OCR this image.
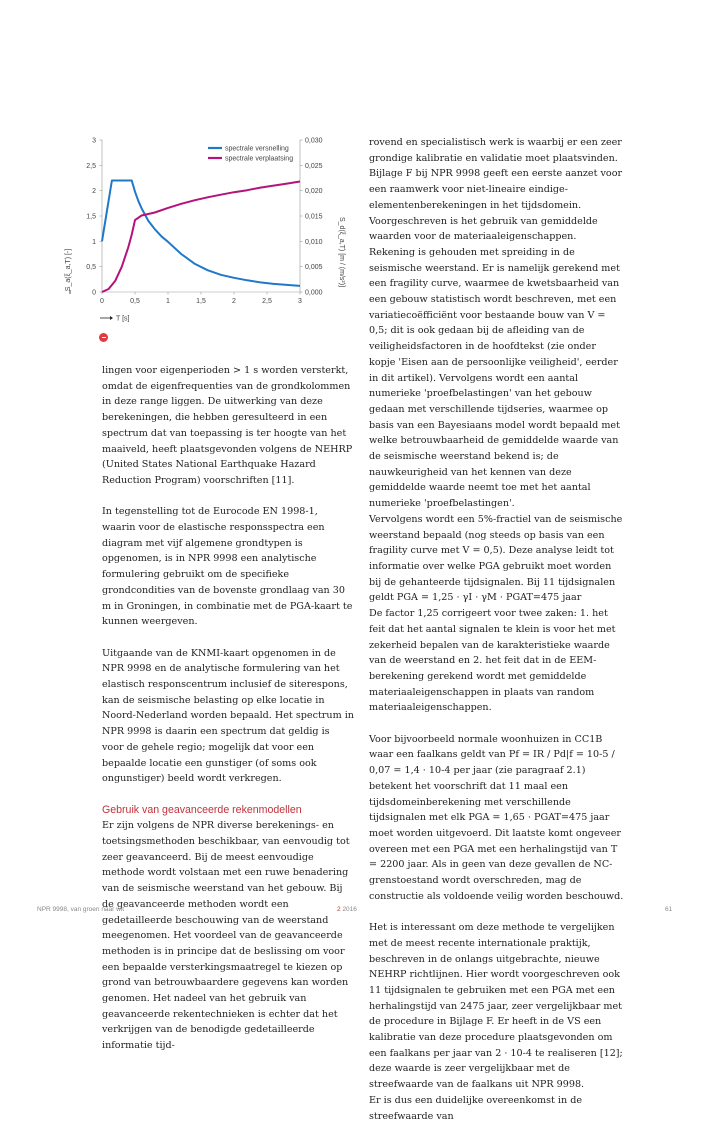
0	0,5	1	1,5	2	2,5	3
0
0,5
1
1,5
2
2,5
3
0,000
0,005
0,010
0,015
0,020
0,025
0,030
spectrale versnelling
spectrale verplaatsing
S_a(ξ_a,T) [-]	S_d(ξ_a,T) [m / (m/s²)]
T [s]

lingen voor eigenperioden > 1 s worden versterkt, omdat de eigenfrequenties van de grondkolommen in deze range liggen. De uitwerking van deze berekeningen, die hebben geresulteerd in een spectrum dat van toepassing is ter hoogte van het maaiveld, heeft plaatsgevonden volgens de NEHRP (United States National Earthquake Hazard Reduction Program) voorschriften [11].

In tegenstelling tot de Eurocode EN 1998-1, waarin voor de elastische responsspectra een diagram met vijf algemene grondtypen is opgenomen, is in NPR 9998 een analytische formulering gebruikt om de specifieke grondcondities van de bovenste grondlaag van 30 m in Groningen, in combinatie met de PGA-kaart te kunnen weergeven.

Uitgaande van de KNMI-kaart opgenomen in de NPR 9998 en de analytische formulering van het elastisch responscentrum inclusief de siterespons, kan de seismische belasting op elke locatie in Noord-Nederland worden bepaald. Het spectrum in NPR 9998 is daarin een spectrum dat geldig is voor de gehele regio; mogelijk dat voor een bepaalde locatie een gunstiger (of soms ook ongunstiger) beeld wordt verkregen.

Gebruik van geavanceerde rekenmodellen

Er zijn volgens de NPR diverse berekenings- en toetsingsmethoden beschikbaar, van eenvoudig tot zeer geavanceerd. Bij de meest eenvoudige methode wordt volstaan met een ruwe benadering van de seismische weerstand van het gebouw. Bij de geavanceerde methoden wordt een gedetailleerde beschouwing van de weerstand meegenomen. Het voordeel van de geavanceerde methoden is in principe dat de beslissing om voor een bepaalde versterkingsmaatregel te kiezen op grond van betrouwbaardere gegevens kan worden genomen. Het nadeel van het gebruik van geavanceerde rekentechnieken is echter dat het verkrijgen van de benodigde gedetailleerde informatie tijd-

rovend en specialistisch werk is waarbij er een zeer grondige kalibratie en validatie moet plaatsvinden.

Bijlage F bij NPR 9998 geeft een eerste aanzet voor een raamwerk voor niet-lineaire eindige-elementenberekeningen in het tijdsdomein. Voorgeschreven is het gebruik van gemiddelde waarden voor de materiaaleigenschappen. Rekening is gehouden met spreiding in de seismische weerstand. Er is namelijk gerekend met een fragility curve, waarmee de kwetsbaarheid van een gebouw statistisch wordt beschreven, met een variatiecoëfficiënt voor bestaande bouw van V = 0,5; dit is ook gedaan bij de afleiding van de veiligheidsfactoren in de hoofdtekst (zie onder kopje 'Eisen aan de persoonlijke veiligheid', eerder in dit artikel). Vervolgens wordt een aantal numerieke 'proefbelastingen' van het gebouw gedaan met verschillende tijdseries, waarmee op basis van een Bayesiaans model wordt bepaald met welke betrouwbaarheid de gemiddelde waarde van de seismische weerstand bekend is; de nauwkeurigheid van het kennen van deze gemiddelde waarde neemt toe met het aantal numerieke 'proefbelastingen'.

Vervolgens wordt een 5%-fractiel van de seismische weerstand bepaald (nog steeds op basis van een fragility curve met V = 0,5). Deze analyse leidt tot informatie over welke PGA gebruikt moet worden bij de gehanteerde tijdsignalen. Bij 11 tijdsignalen geldt PGA = 1,25 · γI · γM · PGAT=475 jaar

De factor 1,25 corrigeert voor twee zaken: 1. het feit dat het aantal signalen te klein is voor het met zekerheid bepalen van de karakteristieke waarde van de weerstand en 2. het feit dat in de EEM-berekening gerekend wordt met gemiddelde materiaaleigenschappen in plaats van random materiaaleigenschappen.

Voor bijvoorbeeld normale woonhuizen in CC1B waar een faalkans geldt van Pf = IR / Pd|f = 10-5 / 0,07 = 1,4 · 10-4 per jaar (zie paragraaf 2.1) betekent het voorschrift dat 11 maal een tijdsdomeinberekening met verschillende tijdsignalen met elk PGA = 1,65 · PGAT=475 jaar moet worden uitgevoerd. Dit laatste komt ongeveer overeen met een PGA met een herhalingstijd van T = 2200 jaar. Als in geen van deze gevallen de NC-grenstoestand wordt overschreden, mag de constructie als voldoende veilig worden beschouwd.

Het is interessant om deze methode te vergelijken met de meest recente internationale praktijk, beschreven in de onlangs uitgebrachte, nieuwe NEHRP richtlijnen. Hier wordt voorgeschreven ook 11 tijdsignalen te gebruiken met een PGA met een herhalingstijd van 2475 jaar, zeer vergelijkbaar met de procedure in Bijlage F. Er heeft in de VS een kalibratie van deze procedure plaatsgevonden om een faalkans per jaar van 2 · 10-4 te realiseren [12]; deze waarde is zeer vergelijkbaar met de streefwaarde van de faalkans uit NPR 9998.

Er is dus een duidelijke overeenkomst in de streefwaarde van

NPR 9998, van groen naar wit	2 2016	61
